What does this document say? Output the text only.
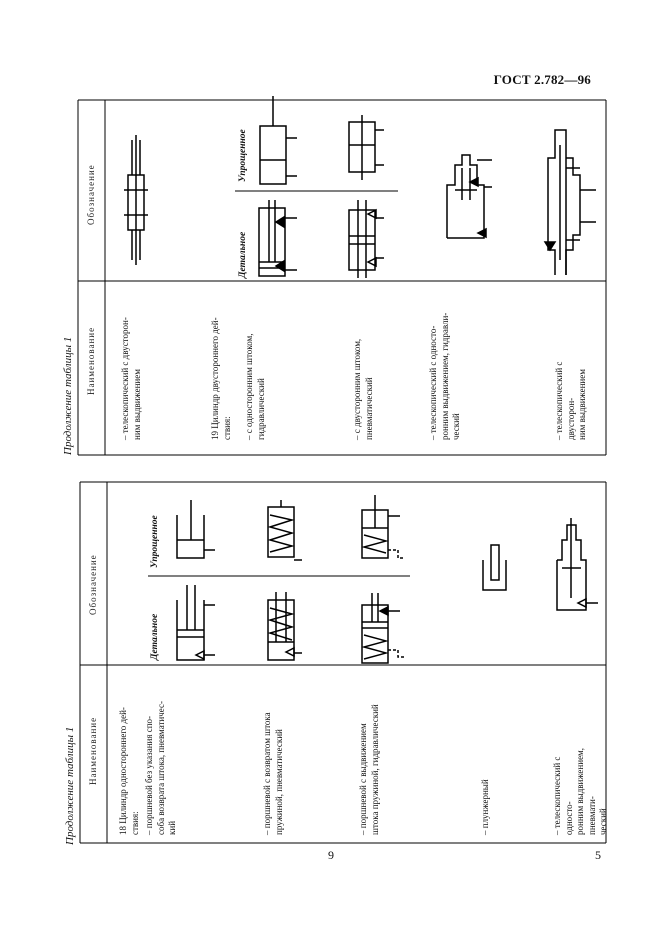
ГОСТ 2.782—96
9	5
Продолжение таблицы 1 Наименование
Обозначение
– телескопический с двусторон- ним выдвижением	19 Цилиндр двустороннего дей- ствия: – с односторонним штоком, гидравлический	– с двусторонним штоком, пневматический	– телескопический с односто- ронним выдвижением, гидравли- ческий	– телескопический с двусторон- ним выдвижением
Детальное
Упрощенное
Продолжение таблицы 1 Наименование
Обозначение
18 Цилиндр одностороннего дей- ствия: – поршневой без указания спо- соба возврата штока, пневматичес- кий	– поршневой с возвратом штока пружиной, пневматический	– поршневой с выдвижением штока пружиной, гидравлический	– плунжерный	– телескопический с односто- ронним выдвижением, пневмати- ческий
Детальное
Упрощенное
